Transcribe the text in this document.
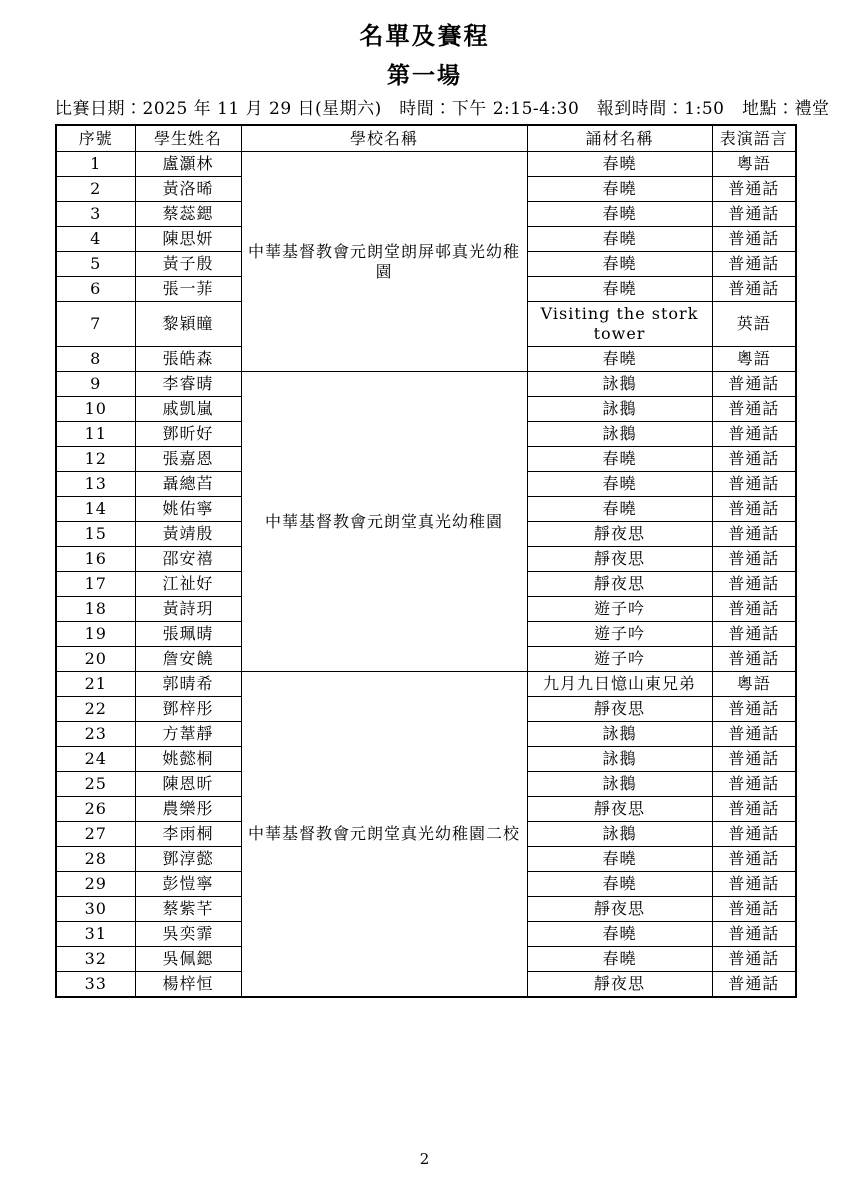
名單及賽程
第一場
比賽日期：2025 年 11 月 29 日(星期六)　時間：下午 2:15-4:30　報到時間：1:50　地點：禮堂
序號	學生姓名	學校名稱	誦材名稱	表演語言
1	盧灝林	中華基督教會元朗堂朗屏邨真光幼稚園	春曉	粵語
2	黃洛晞		春曉	普通話
3	蔡蕊鍶		春曉	普通話
4	陳思妍		春曉	普通話
5	黃子殷		春曉	普通話
6	張一菲		春曉	普通話
7	黎穎瞳		Visiting the stork tower	英語
8	張皓森		春曉	粵語
9	李睿晴	中華基督教會元朗堂真光幼稚園	詠鵝	普通話
10	戚凱嵐		詠鵝	普通話
11	鄧昕好		詠鵝	普通話
12	張嘉恩		春曉	普通話
13	聶總苩		春曉	普通話
14	姚佑寧		春曉	普通話
15	黃靖殷		靜夜思	普通話
16	邵安禧		靜夜思	普通話
17	江祉好		靜夜思	普通話
18	黃詩玥		遊子吟	普通話
19	張珮晴		遊子吟	普通話
20	詹安饒		遊子吟	普通話
21	郭晴希	中華基督教會元朗堂真光幼稚園二校	九月九日憶山東兄弟	粵語
22	鄧梓彤		靜夜思	普通話
23	方葦靜		詠鵝	普通話
24	姚懿桐		詠鵝	普通話
25	陳恩昕		詠鵝	普通話
26	農樂彤		靜夜思	普通話
27	李雨桐		詠鵝	普通話
28	鄧淳懿		春曉	普通話
29	彭愷寧		春曉	普通話
30	蔡紫芊		靜夜思	普通話
31	吳奕霏		春曉	普通話
32	吳佩鍶		春曉	普通話
33	楊梓恒		靜夜思	普通話
2
